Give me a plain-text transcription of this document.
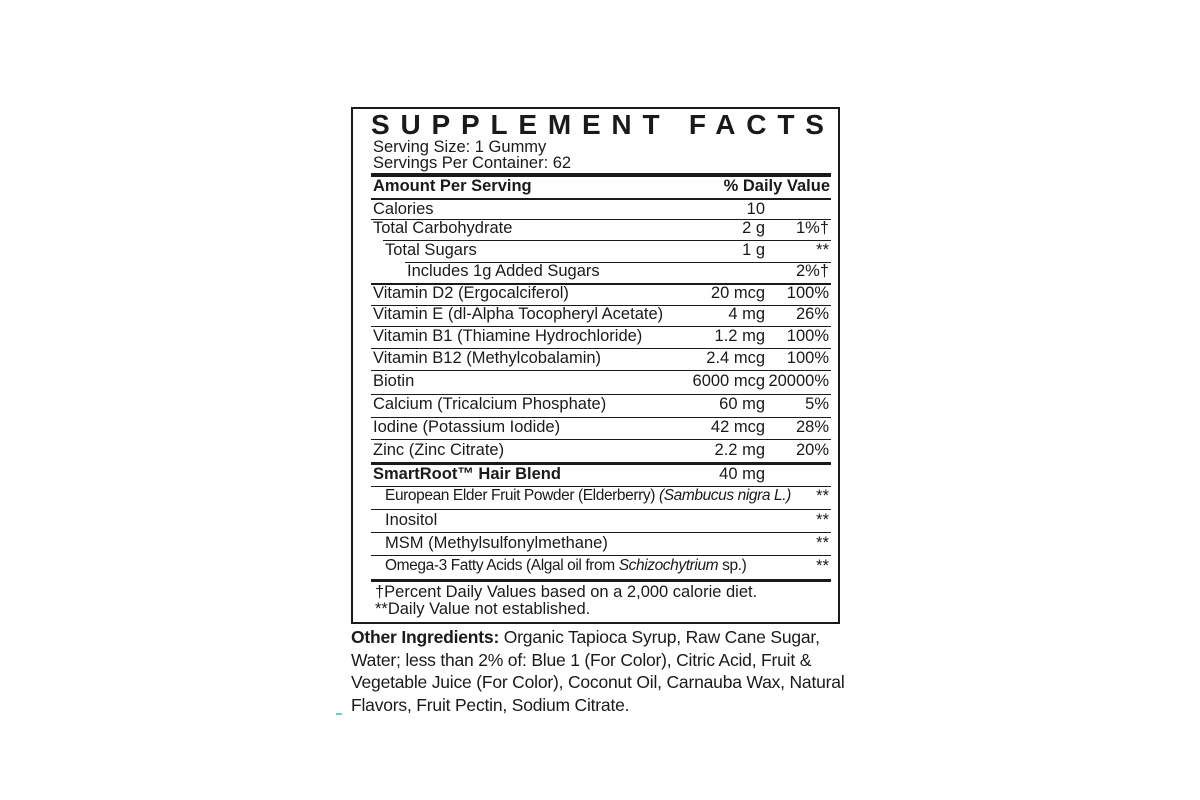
SUPPLEMENT FACTS
Serving Size: 1 Gummy
Servings Per Container: 62
Amount Per Serving	% Daily Value
Calories	10
Total Carbohydrate	2 g 1%†
Total Sugars	1 g	**
Includes 1g Added Sugars	2%†
Vitamin D2 (Ergocalciferol)	20 mcg 100%
Vitamin E (dl-Alpha Tocopheryl Acetate)	4 mg 26%
Vitamin B1 (Thiamine Hydrochloride)	1.2 mg 100%
Vitamin B12 (Methylcobalamin)	2.4 mcg 100%
Biotin	6000 mcg 20000%
Calcium (Tricalcium Phosphate)	60 mg 5%
Iodine (Potassium Iodide)	42 mcg 28%
Zinc (Zinc Citrate)	2.2 mg 20%
SmartRoot™ Hair Blend	40 mg
European Elder Fruit Powder (Elderberry) (Sambucus nigra L.) **
Inositol	**
MSM (Methylsulfonylmethane)	**
Omega-3 Fatty Acids (Algal oil from Schizochytrium sp.)	**
†Percent Daily Values based on a 2,000 calorie diet.
**Daily Value not established.
Other Ingredients: Organic Tapioca Syrup, Raw Cane Sugar, Water; less than 2% of: Blue 1 (For Color), Citric Acid, Fruit & Vegetable Juice (For Color), Coconut Oil, Carnauba Wax, Natural Flavors, Fruit Pectin, Sodium Citrate.
